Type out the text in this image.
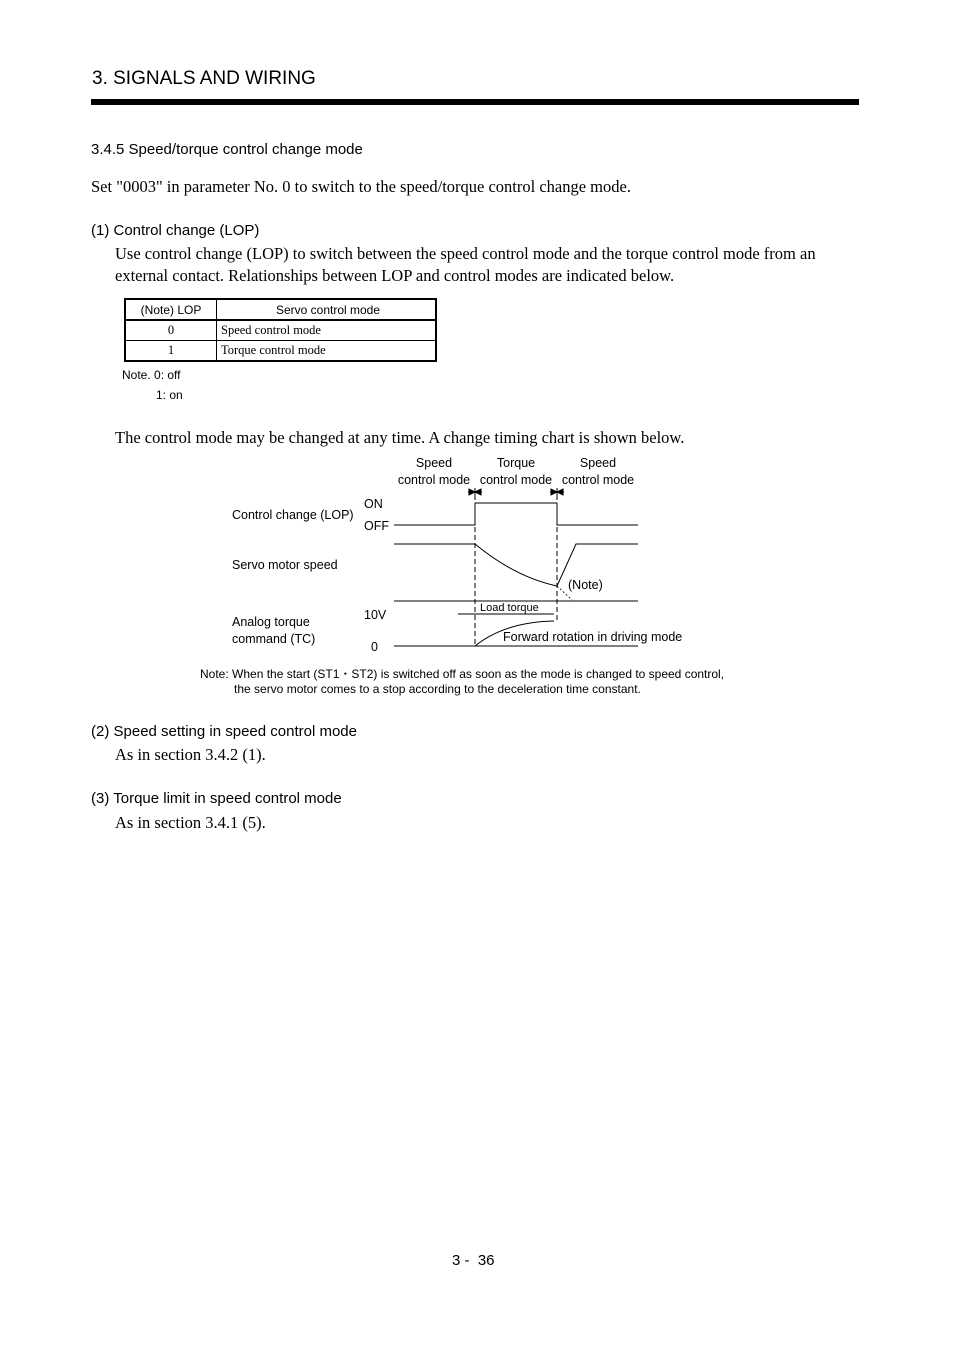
3. SIGNALS AND WIRING
3.4.5 Speed/torque control change mode
Set "0003" in parameter No. 0 to switch to the speed/torque control change mode.
(1) Control change (LOP)
Use control change (LOP) to switch between the speed control mode and the torque control mode from an external contact. Relationships between LOP and control modes are indicated below.
(Note) LOP	Servo control mode
0	Speed control mode
1	Torque control mode
Note. 0: off
1: on
The control mode may be changed at any time. A change timing chart is shown below.
Speed
control mode
Torque
control mode
Speed
control mode
Control change (LOP)
ON
OFF
Servo motor speed
(Note)
Analog torque
command (TC)
10V
0
Load torque
Forward rotation in driving mode
Note: When the start (ST1・ST2) is switched off as soon as the mode is changed to speed control,
the servo motor comes to a stop according to the deceleration time constant.
(2) Speed setting in speed control mode
As in section 3.4.2 (1).
(3) Torque limit in speed control mode
As in section 3.4.1 (5).
3 -  36
